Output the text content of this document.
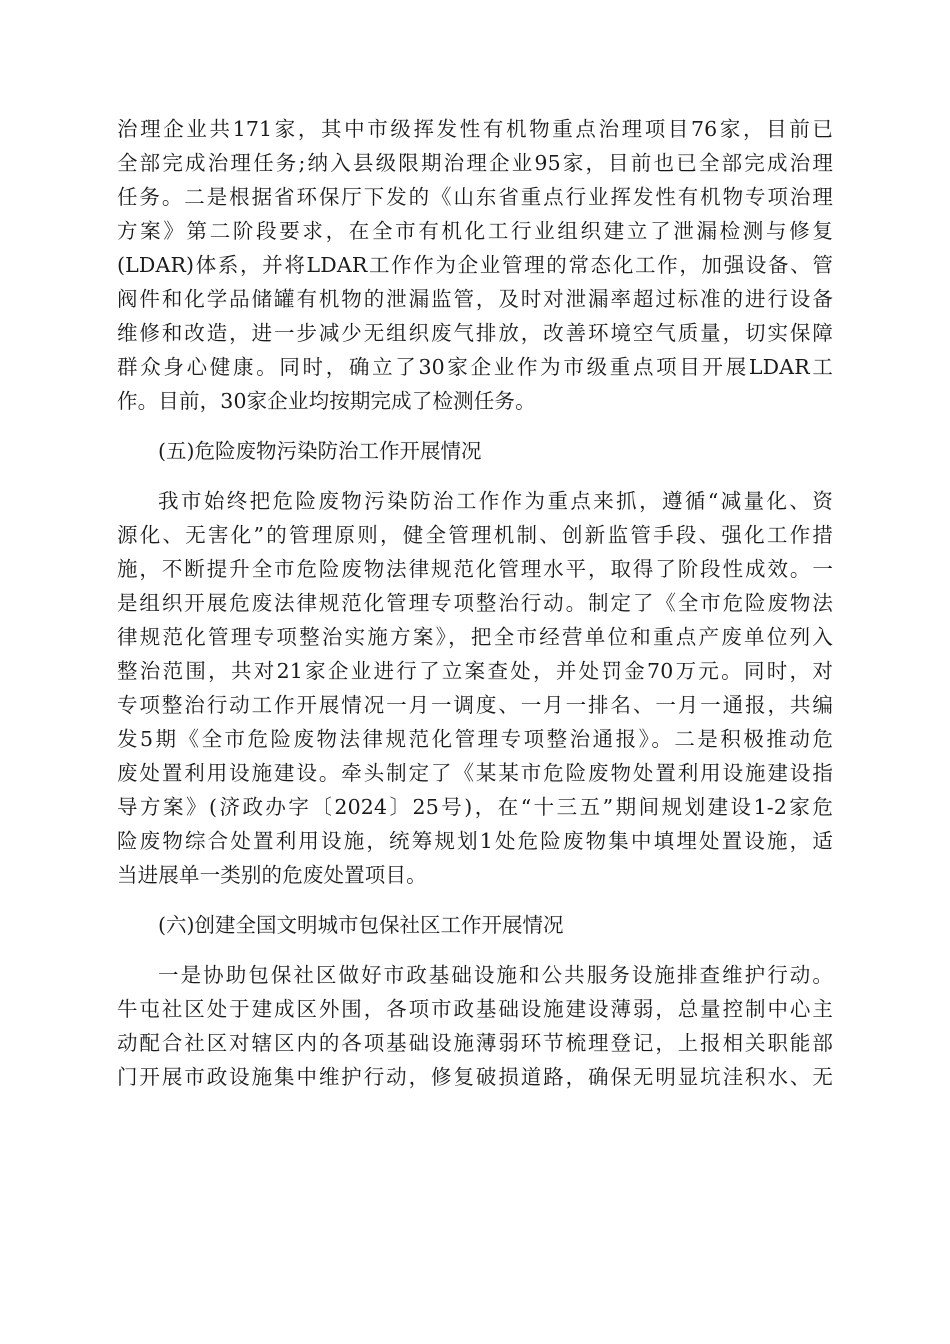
治理企业共171家，其中市级挥发性有机物重点治理项目76家，目前已
全部完成治理任务;纳入县级限期治理企业95家，目前也已全部完成治理
任务。二是根据省环保厅下发的《山东省重点行业挥发性有机物专项治理
方案》第二阶段要求，在全市有机化工行业组织建立了泄漏检测与修复
(LDAR)体系，并将LDAR工作作为企业管理的常态化工作，加强设备、管
阀件和化学品储罐有机物的泄漏监管，及时对泄漏率超过标准的进行设备
维修和改造，进一步减少无组织废气排放，改善环境空气质量，切实保障
群众身心健康。同时，确立了30家企业作为市级重点项目开展LDAR工
作。目前，30家企业均按期完成了检测任务。
(五)危险废物污染防治工作开展情况
我市始终把危险废物污染防治工作作为重点来抓，遵循“减量化、资
源化、无害化”的管理原则，健全管理机制、创新监管手段、强化工作措
施，不断提升全市危险废物法律规范化管理水平，取得了阶段性成效。一
是组织开展危废法律规范化管理专项整治行动。制定了《全市危险废物法
律规范化管理专项整治实施方案》，把全市经营单位和重点产废单位列入
整治范围，共对21家企业进行了立案查处，并处罚金70万元。同时，对
专项整治行动工作开展情况一月一调度、一月一排名、一月一通报，共编
发5期《全市危险废物法律规范化管理专项整治通报》。二是积极推动危
废处置利用设施建设。牵头制定了《某某市危险废物处置利用设施建设指
导方案》(济政办字〔2024〕25号)，在“十三五”期间规划建设1-2家危
险废物综合处置利用设施，统筹规划1处危险废物集中填埋处置设施，适
当进展单一类别的危废处置项目。
(六)创建全国文明城市包保社区工作开展情况
一是协助包保社区做好市政基础设施和公共服务设施排查维护行动。
牛屯社区处于建成区外围，各项市政基础设施建设薄弱，总量控制中心主
动配合社区对辖区内的各项基础设施薄弱环节梳理登记，上报相关职能部
门开展市政设施集中维护行动，修复破损道路，确保无明显坑洼积水、无
